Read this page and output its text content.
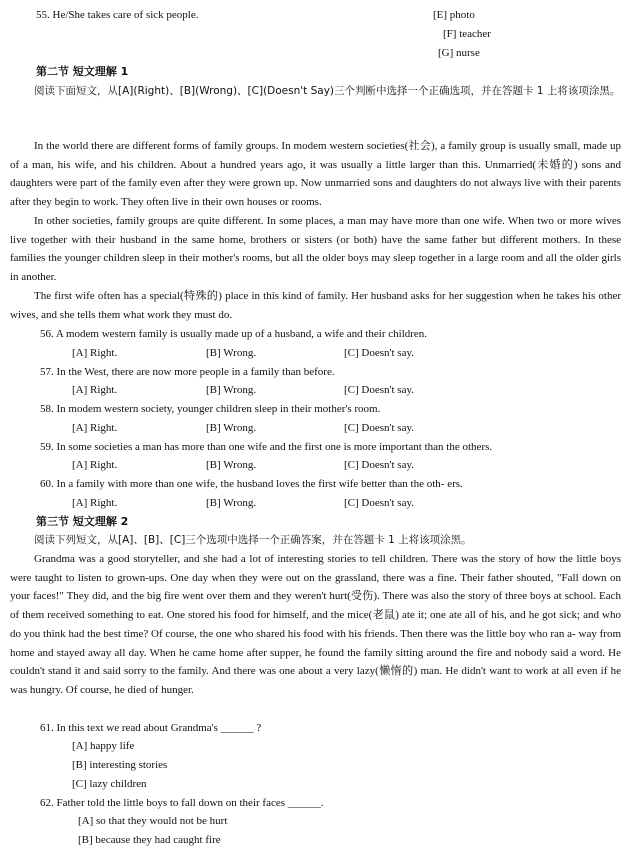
55. He/She takes care of sick people.	[E] photo
[F] teacher
[G] nurse
第二节 短文理解 1
阅读下面短文，从[A](Right)、[B](Wrong)、[C](Doesn't Say)三个判断中选择一个正确选项，并在答题卡 1 上将该项涂黑。
In the world there are different forms of family groups. In modem western societies(社会), a family group is usually small, made up of a man, his wife, and his children. About a hundred years ago, it was usually a little larger than this. Unmarried(未婚的) sons and daughters were part of the family even after they were grown up. Now unmarried sons and daughters do not always live with their parents after they begin to work. They often live in their own houses or rooms.
In other societies, family groups are quite different. In some places, a man may have more than one wife. When two or more wives live together with their husband in the same home, brothers or sisters (or both) have the same father but different mothers. In these families the younger children sleep in their mother's rooms, but all the older boys may sleep together in a large room and all the older girls in another.
The first wife often has a special(特殊的) place in this kind of family. Her husband asks for her suggestion when he takes his other wives, and she tells them what work they must do.
56. A modem western family is usually made up of a husband, a wife and their children.
[A] Right.	[B] Wrong.	[C] Doesn't say.
57. In the West, there are now more people in a family than before.
[A] Right.	[B] Wrong.	[C] Doesn't say.
58. In modem western society, younger children sleep in their mother's room.
[A] Right.	[B] Wrong.	[C] Doesn't say.
59. In some societies a man has more than one wife and the first one is more important than the others.
[A] Right.	[B] Wrong.	[C] Doesn't say.
60. In a family with more than one wife, the husband loves the first wife better than the oth- ers.
[A] Right.	[B] Wrong.	[C] Doesn't say.
第三节 短文理解 2
阅读下列短文，从[A]、[B]、[C]三个选项中选择一个正确答案，并在答题卡 1 上将该项涂黑。
Grandma was a good storyteller, and she had a lot of interesting stories to tell children. There was the story of how the little boys were taught to listen to grown-ups. One day when they were out on the grassland, there was a fine. Their father shouted, "Fall down on your faces!" They did, and the big fire went over them and they weren't hurt(受伤). There was also the story of three boys at school. Each of them received something to eat. One stored his food for himself, and the mice(老鼠) ate it; one ate all of his, and he got sick; and who do you think had the best time? Of course, the one who shared his food with his friends. Then there was the little boy who ran a- way from home and stayed away all day. When he came home after supper, he found the family sitting around the fire and nobody said a word. He couldn't stand it and said sorry to the family. And there was one about a very lazy(懒惰的) man. He didn't want to work at all even if he was hungry. Of course, he died of hunger.
61. In this text we read about Grandma's ______ ?
[A] happy life
[B] interesting stories
[C] lazy children
62. Father told the little boys to fall down on their faces ______.
[A] so that they would not be hurt
[B] because they had caught fire
